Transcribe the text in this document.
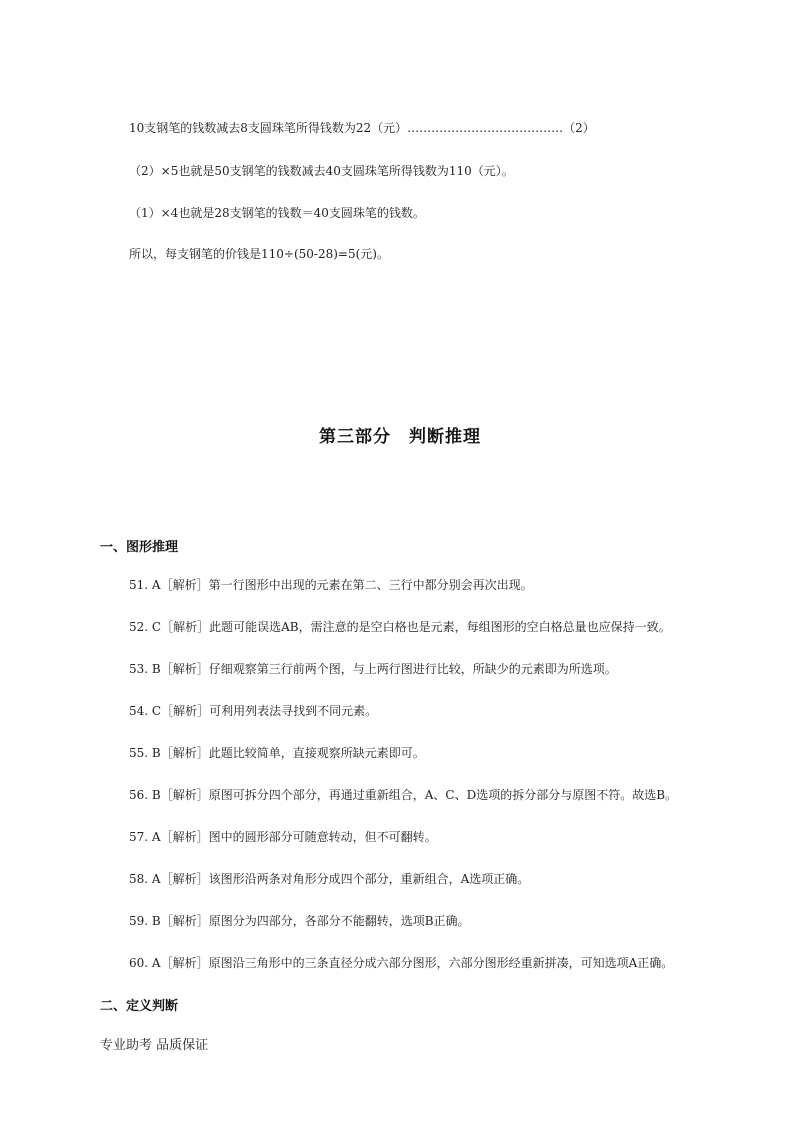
10支钢笔的钱数减去8支圆珠笔所得钱数为22（元）…………………………………（2）
（2）×5也就是50支钢笔的钱数减去40支圆珠笔所得钱数为110（元）。
（1）×4也就是28支钢笔的钱数＝40支圆珠笔的钱数。
所以，每支钢笔的价钱是110÷(50-28)=5(元)。
第三部分　判断推理
一、图形推理
51. A［解析］第一行图形中出现的元素在第二、三行中都分别会再次出现。
52. C［解析］此题可能误选AB，需注意的是空白格也是元素，每组图形的空白格总量也应保持一致。
53. B［解析］仔细观察第三行前两个图，与上两行图进行比较，所缺少的元素即为所选项。
54. C［解析］可利用列表法寻找到不同元素。
55. B［解析］此题比较简单，直接观察所缺元素即可。
56. B［解析］原图可拆分四个部分，再通过重新组合，A、C、D选项的拆分部分与原图不符。故选B。
57. A［解析］图中的圆形部分可随意转动，但不可翻转。
58. A［解析］该图形沿两条对角形分成四个部分，重新组合，A选项正确。
59. B［解析］原图分为四部分，各部分不能翻转，选项B正确。
60. A［解析］原图沿三角形中的三条直径分成六部分图形，六部分图形经重新拼凑，可知选项A正确。
二、定义判断
专业助考 品质保证
